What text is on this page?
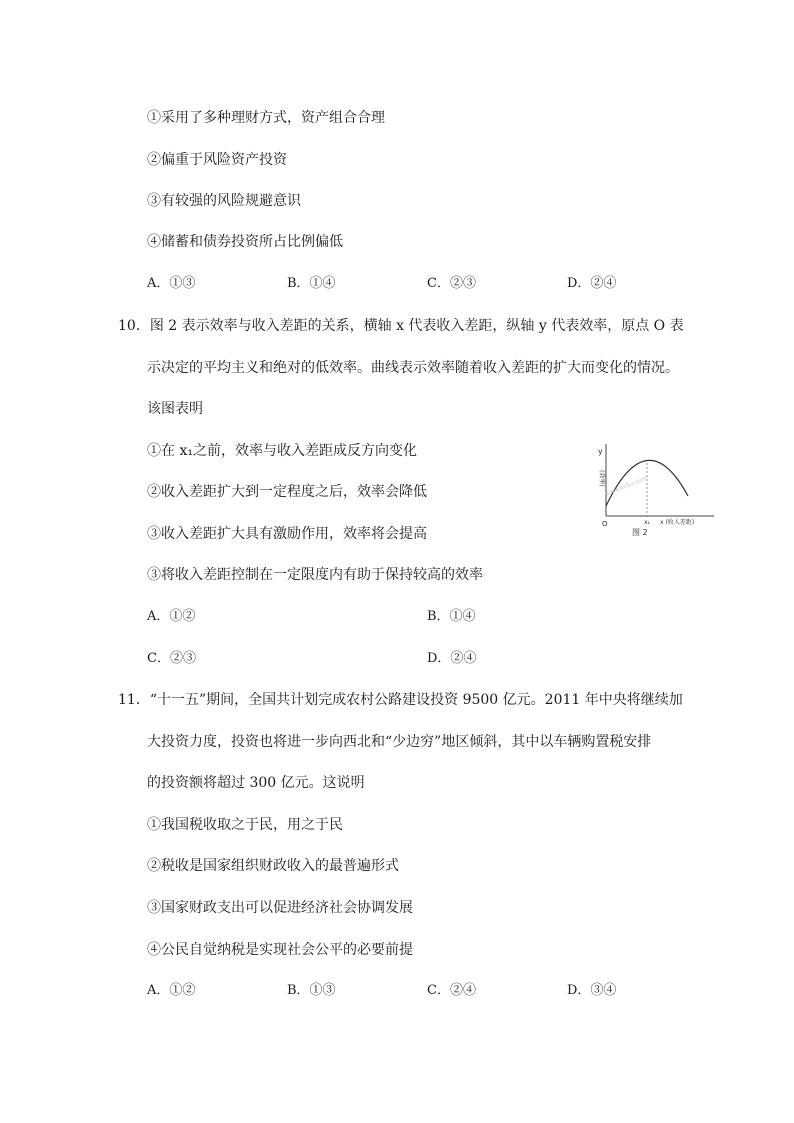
①采用了多种理财方式，资产组合合理
②偏重于风险资产投资
③有较强的风险规避意识
④储蓄和债券投资所占比例偏低
A．①③	B．①④	C．②③	D．②④
10．图 2 表示效率与收入差距的关系，横轴 x 代表收入差距，纵轴 y 代表效率，原点 O 表
示决定的平均主义和绝对的低效率。曲线表示效率随着收入差距的扩大而变化的情况。
该图表明
①在 x₁之前，效率与收入差距成反方向变化
②收入差距扩大到一定程度之后，效率会降低
③收入差距扩大具有激励作用，效率将会提高
③将收入差距控制在一定限度内有助于保持较高的效率
A．①②	B．①④
C．②③	D．②④
y
(效率)
O	x₁ x (收入差距)
图 2
www.ks5u.com
11．“十一五”期间，全国共计划完成农村公路建设投资 9500 亿元。2011 年中央将继续加
大投资力度，投资也将进一步向西北和“少边穷”地区倾斜，其中以车辆购置税安排
的投资额将超过 300 亿元。这说明
①我国税收取之于民，用之于民
②税收是国家组织财政收入的最普遍形式
③国家财政支出可以促进经济社会协调发展
④公民自觉纳税是实现社会公平的必要前提
A．①②	B．①③	C．②④	D．③④
